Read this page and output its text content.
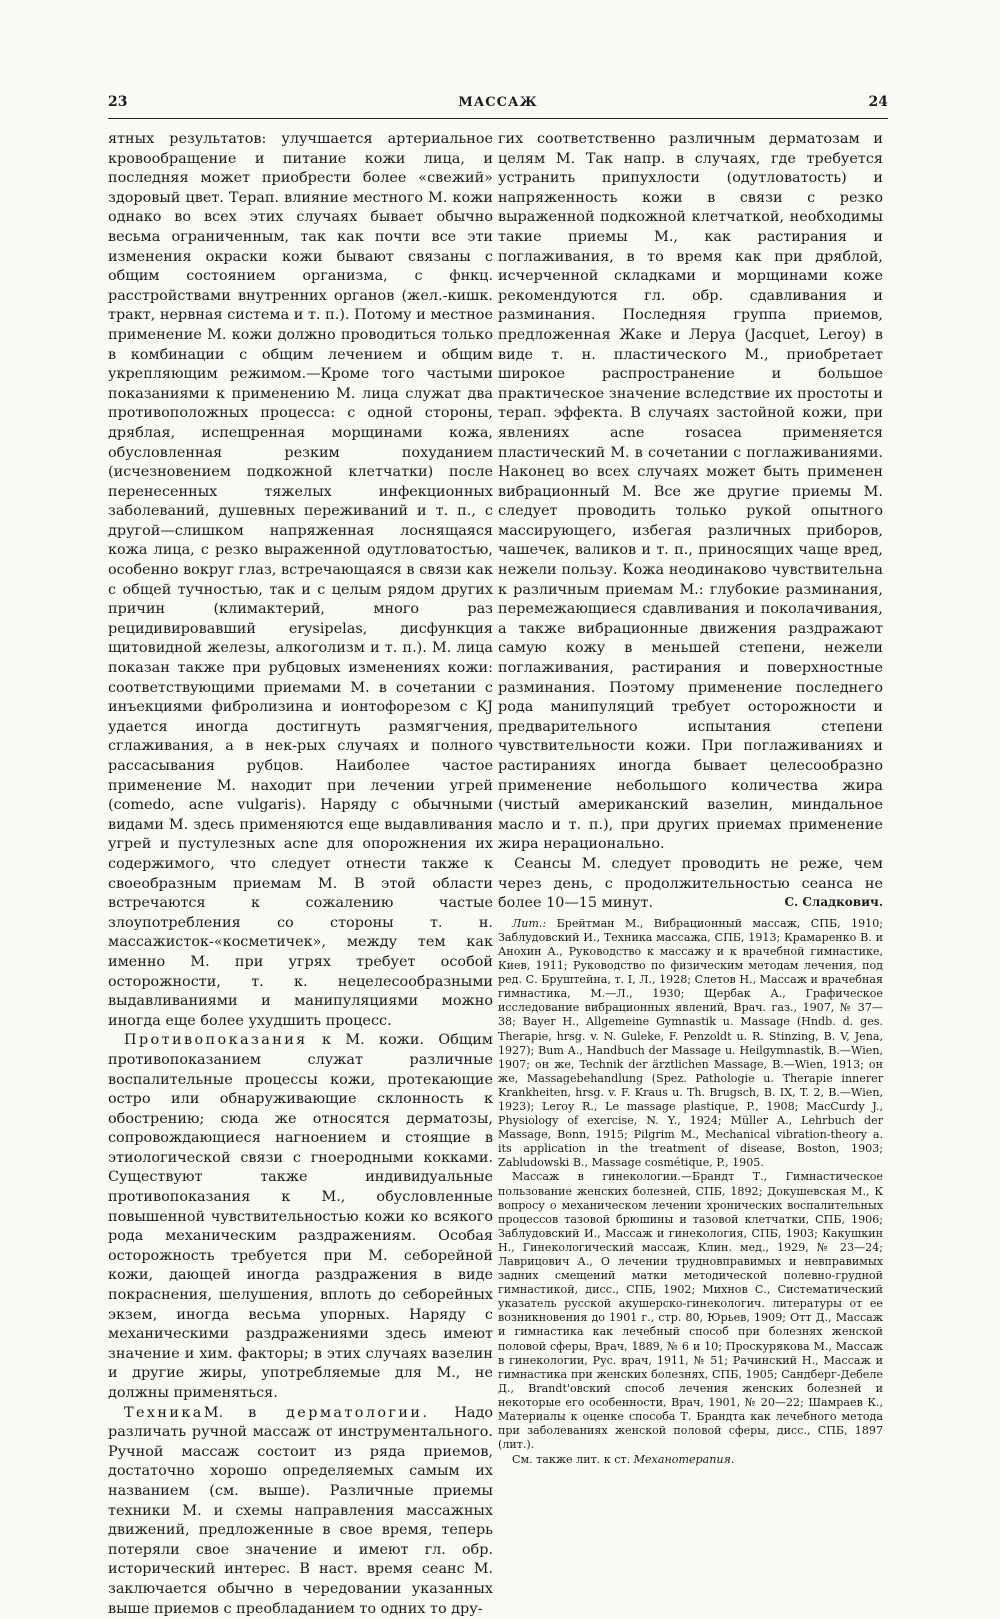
23	МАССАЖ	24

ятных результатов: улучшается артериальное кровообращение и питание кожи лица, и последняя может приобрести более «свежий» здоровый цвет. Терап. влияние местного М. кожи однако во всех этих случаях бывает обычно весьма ограниченным, так как почти все эти изменения окраски кожи бывают связаны с общим состоянием организма, с фнкц. расстройствами внутренних органов (жел.-кишк. тракт, нервная система и т. п.). Потому и местное применение М. кожи должно проводиться только в комбинации с общим лечением и общим укрепляющим режимом.—Кроме того частыми показаниями к применению М. лица служат два противоположных процесса: с одной стороны, дряблая, испещренная морщинами кожа, обусловленная резким похуданием (исчезновением подкожной клетчатки) после перенесенных тяжелых инфекционных заболеваний, душевных переживаний и т. п., с другой—слишком напряженная лоснящаяся кожа лица, с резко выраженной одутловатостью, особенно вокруг глаз, встречающаяся в связи как с общей тучностью, так и с целым рядом других причин (климактерий, много раз рецидивировавший erysipelas, дисфункция щитовидной железы, алкоголизм и т. п.). М. лица показан также при рубцовых изменениях кожи: соответствующими приемами М. в сочетании с инъекциями фибролизина и ионтофорезом с KJ удается иногда достигнуть размягчения, сглаживания, а в нек-рых случаях и полного рассасывания рубцов. Наиболее частое применение М. находит при лечении угрей (comedo, acne vulgaris). Наряду с обычными видами М. здесь применяются еще выдавливания угрей и пустулезных acne для опорожнения их содержимого, что следует отнести также к своеобразным приемам М. В этой области встречаются к сожалению частые злоупотребления со стороны т. н. массажисток-«косметичек», между тем как именно М. при угрях требует особой осторожности, т. к. нецелесообразными выдавливаниями и манипуляциями можно иногда еще более ухудшить процесс.

Противопоказания к М. кожи. Общим противопоказанием служат различные воспалительные процессы кожи, протекающие остро или обнаруживающие склонность к обострению; сюда же относятся дерматозы, сопровождающиеся нагноением и стоящие в этиологической связи с гноеродными кокками. Существуют также индивидуальные противопоказания к М., обусловленные повышенной чувствительностью кожи ко всякого рода механическим раздражениям. Особая осторожность требуется при М. себорейной кожи, дающей иногда раздражения в виде покраснения, шелушения, вплоть до себорейных экзем, иногда весьма упорных. Наряду с механическими раздражениями здесь имеют значение и хим. факторы; в этих случаях вазелин и другие жиры, употребляемые для М., не должны применяться.

ТехникаМ. в дерматологии. Надо различать ручной массаж от инструментального. Ручной массаж состоит из ряда приемов, достаточно хорошо определяемых самым их названием (см. выше). Различные приемы техники М. и схемы направления массажных движений, предложенные в свое время, теперь потеряли свое значение и имеют гл. обр. исторический интерес. В наст. время сеанс М. заключается обычно в чередовании указанных выше приемов с преобладанием то одних то дру-

гих соответственно различным дерматозам и целям М. Так напр. в случаях, где требуется устранить припухлости (одутловатость) и напряженность кожи в связи с резко выраженной подкожной клетчаткой, необходимы такие приемы М., как растирания и поглаживания, в то время как при дряблой, исчерченной складками и морщинами коже рекомендуются гл. обр. сдавливания и разминания. Последняя группа приемов, предложенная Жаке и Леруа (Jacquet, Leroy) в виде т. н. пластического М., приобретает широкое распространение и большое практическое значение вследствие их простоты и терап. эффекта. В случаях застойной кожи, при явлениях acne rosacea применяется пластический М. в сочетании с поглаживаниями. Наконец во всех случаях может быть применен вибрационный М. Все же другие приемы М. следует проводить только рукой опытного массирующего, избегая различных приборов, чашечек, валиков и т. п., приносящих чаще вред, нежели пользу. Кожа неодинаково чувствительна к различным приемам М.: глубокие разминания, перемежающиеся сдавливания и поколачивания, а также вибрационные движения раздражают самую кожу в меньшей степени, нежели поглаживания, растирания и поверхностные разминания. Поэтому применение последнего рода манипуляций требует осторожности и предварительного испытания степени чувствительности кожи. При поглаживаниях и растираниях иногда бывает целесообразно применение небольшого количества жира (чистый американский вазелин, миндальное масло и т. п.), при других приемах применение жира нерационально.

Сеансы М. следует проводить не реже, чем через день, с продолжительностью сеанса не более 10—15 минут.	С. Сладкович.
Лит.: Брейтман М., Вибрационный массаж, СПБ, 1910; Заблудовский И., Техника массажа, СПБ, 1913; Крамаренко В. и Анохин А., Руководство к массажу и к врачебной гимнастике, Киев, 1911; Руководство по физическим методам лечения, под ред. С. Бруштейна, т. I, Л., 1928; Слетов Н., Массаж и врачебная гимнастика, М.—Л., 1930; Щербак А., Графическое исследование вибрационных явлений, Врач. газ., 1907, № 37—38; Bayer H., Allgemeine Gymnastik u. Massage (Hndb. d. ges. Therapie, hrsg. v. N. Guleke, F. Penzoldt u. R. Stinzing, B. V, Jena, 1927); Bum A., Handbuch der Massage u. Heilgymnastik, B.—Wien, 1907; он же, Technik der ärztlichen Massage, B.—Wien, 1913; он же, Massagebehandlung (Spez. Pathologie u. Therapie innerer Krankheiten, hrsg. v. F. Kraus u. Th. Brugsch, B. IX, T. 2, B.—Wien, 1923); Leroy R., Le massage plastique, P., 1908; MacCurdy J., Physiology of exercise, N. Y., 1924; Müller A., Lehrbuch der Massage, Bonn, 1915; Pilgrim M., Mechanical vibration-theory a. its application in the treatment of disease, Boston, 1903; Zabludowski B., Massage cosmétique, P., 1905.
Массаж в гинекологии.—Брандт Т., Гимнастическое пользование женских болезней, СПБ, 1892; Докушевская М., К вопросу о механическом лечении хронических воспалительных процессов тазовой брюшины и тазовой клетчатки, СПБ, 1906; Заблудовский И., Массаж и гинекология, СПБ, 1903; Какушкин Н., Гинекологический массаж, Клин. мед., 1929, № 23—24; Лаврицович А., О лечении трудновправимых и невправимых задних смещений матки методической полевно-грудной гимнастикой, дисс., СПБ, 1902; Михнов С., Систематический указатель русской акушерско-гинекологич. литературы от ее возникновения до 1901 г., стр. 80, Юрьев, 1909; Отт Д., Массаж и гимнастика как лечебный способ при болезнях женской половой сферы, Врач, 1889, № 6 и 10; Проскурякова М., Массаж в гинекологии, Рус. врач, 1911, № 51; Рачинский Н., Массаж и гимнастика при женских болезнях, СПБ, 1905; Сандберг-Дебеле Д., Brandt'овский способ лечения женских болезней и некоторые его особенности, Врач, 1901, № 20—22; Шамраев К., Материалы к оценке способа Т. Брандта как лечебного метода при заболеваниях женской половой сферы, дисс., СПБ, 1897 (лит.).
См. также лит. к ст. Механотерапия.
